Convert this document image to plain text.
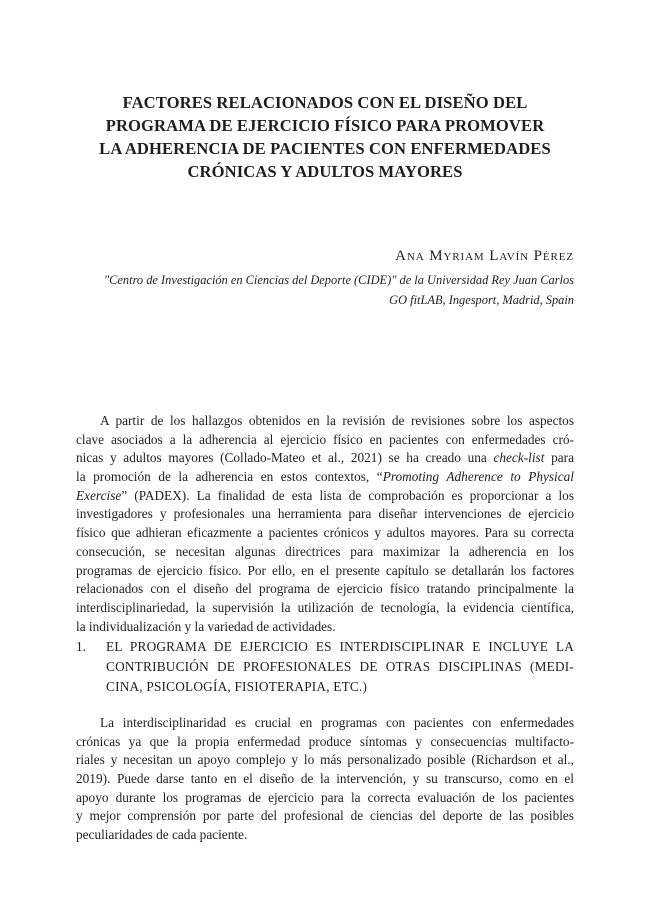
FACTORES RELACIONADOS CON EL DISEÑO DEL
PROGRAMA DE EJERCICIO FÍSICO PARA PROMOVER
LA ADHERENCIA DE PACIENTES CON ENFERMEDADES
CRÓNICAS Y ADULTOS MAYORES
Ana Myriam Lavín Pérez
"Centro de Investigación en Ciencias del Deporte (CIDE)" de la Universidad Rey Juan Carlos
GO fitLAB, Ingesport, Madrid, Spain
A partir de los hallazgos obtenidos en la revisión de revisiones sobre los aspectos
clave asociados a la adherencia al ejercicio físico en pacientes con enfermedades cró-
nicas y adultos mayores (Collado-Mateo et al., 2021) se ha creado una check-list para
la promoción de la adherencia en estos contextos, “Promoting Adherence to Physical
Exercise” (PADEX). La finalidad de esta lista de comprobación es proporcionar a los
investigadores y profesionales una herramienta para diseñar intervenciones de ejercicio
físico que adhieran eficazmente a pacientes crónicos y adultos mayores. Para su correcta
consecución, se necesitan algunas directrices para maximizar la adherencia en los
programas de ejercicio físico. Por ello, en el presente capítulo se detallarán los factores
relacionados con el diseño del programa de ejercicio físico tratando principalmente la
interdisciplinariedad, la supervisión la utilización de tecnología, la evidencia científica,
la individualización y la variedad de actividades.
1. EL PROGRAMA DE EJERCICIO ES INTERDISCIPLINAR E INCLUYE LA
CONTRIBUCIÓN DE PROFESIONALES DE OTRAS DISCIPLINAS (MEDI-
CINA, PSICOLOGÍA, FISIOTERAPIA, ETC.)
La interdisciplinaridad es crucial en programas con pacientes con enfermedades
crónicas ya que la propia enfermedad produce síntomas y consecuencias multifacto-
riales y necesitan un apoyo complejo y lo más personalizado posible (Richardson et al.,
2019). Puede darse tanto en el diseño de la intervención, y su transcurso, como en el
apoyo durante los programas de ejercicio para la correcta evaluación de los pacientes
y mejor comprensión por parte del profesional de ciencias del deporte de las posibles
peculiaridades de cada paciente.
